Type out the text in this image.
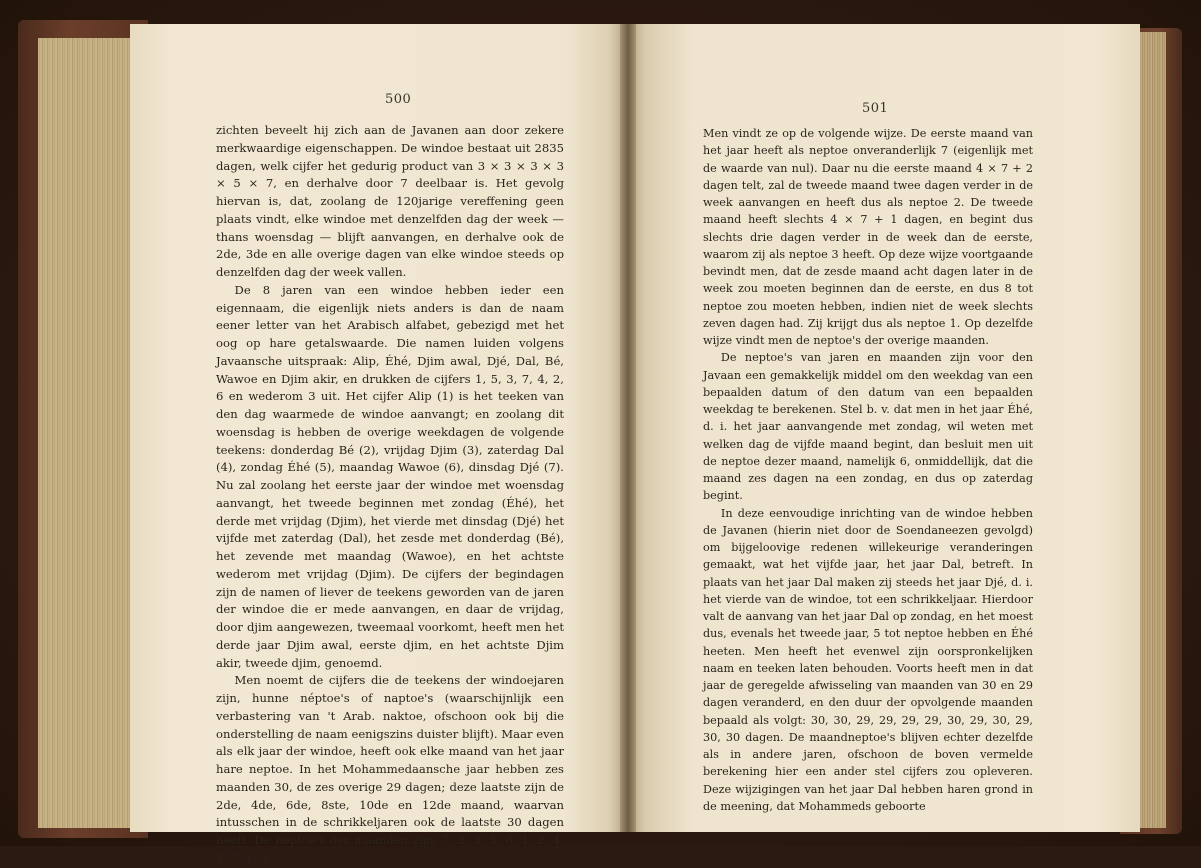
500
501

zichten beveelt hij zich aan de Javanen aan door zekere merkwaardige eigenschappen. De windoe bestaat uit 2835 dagen, welk cijfer het gedurig product van 3 × 3 × 3 × 3 × 5 × 7, en derhalve door 7 deelbaar is. Het gevolg hiervan is, dat, zoolang de 120jarige vereffening geen plaats vindt, elke windoe met denzelfden dag der week — thans woensdag — blijft aanvangen, en derhalve ook de 2de, 3de en alle overige dagen van elke windoe steeds op denzelfden dag der week vallen.

De 8 jaren van een windoe hebben ieder een eigennaam, die eigenlijk niets anders is dan de naam eener letter van het Arabisch alfabet, gebezigd met het oog op hare getalswaarde. Die namen luiden volgens Javaansche uitspraak: Alip, Éhé, Djim awal, Djé, Dal, Bé, Wawoe en Djim akir, en drukken de cijfers 1, 5, 3, 7, 4, 2, 6 en wederom 3 uit. Het cijfer Alip (1) is het teeken van den dag waarmede de windoe aanvangt; en zoolang dit woensdag is hebben de overige weekdagen de volgende teekens: donderdag Bé (2), vrijdag Djim (3), zaterdag Dal (4), zondag Éhé (5), maandag Wawoe (6), dinsdag Djé (7). Nu zal zoolang het eerste jaar der windoe met woensdag aanvangt, het tweede beginnen met zondag (Éhé), het derde met vrijdag (Djim), het vierde met dinsdag (Djé) het vijfde met zaterdag (Dal), het zesde met donderdag (Bé), het zevende met maandag (Wawoe), en het achtste wederom met vrijdag (Djim). De cijfers der begindagen zijn de namen of liever de teekens geworden van de jaren der windoe die er mede aanvangen, en daar de vrijdag, door djim aangewezen, tweemaal voorkomt, heeft men het derde jaar Djim awal, eerste djim, en het achtste Djim akir, tweede djim, genoemd.

Men noemt de cijfers die de teekens der windoejaren zijn, hunne néptoe's of naptoe's (waarschijnlijk een verbastering van 't Arab. naktoe, ofschoon ook bij die onderstelling de naam eenigszins duister blijft). Maar even als elk jaar der windoe, heeft ook elke maand van het jaar hare neptoe. In het Mohammedaansche jaar hebben zes maanden 30, de zes overige 29 dagen; deze laatste zijn de 2de, 4de, 6de, 8ste, 10de en 12de maand, waarvan intusschen in de schrikkeljaren ook de laatste 30 dagen heeft. De neptoe's der maanden zijn: 7, 2, 3, 5, 6, 1, 2, 4, 5, 7, 1, 3.

Men vindt ze op de volgende wijze. De eerste maand van het jaar heeft als neptoe onveranderlijk 7 (eigenlijk met de waarde van nul). Daar nu die eerste maand 4 × 7 + 2 dagen telt, zal de tweede maand twee dagen verder in de week aanvangen en heeft dus als neptoe 2. De tweede maand heeft slechts 4 × 7 + 1 dagen, en begint dus slechts drie dagen verder in de week dan de eerste, waarom zij als neptoe 3 heeft. Op deze wijze voortgaande bevindt men, dat de zesde maand acht dagen later in de week zou moeten beginnen dan de eerste, en dus 8 tot neptoe zou moeten hebben, indien niet de week slechts zeven dagen had. Zij krijgt dus als neptoe 1. Op dezelfde wijze vindt men de neptoe's der overige maanden.

De neptoe's van jaren en maanden zijn voor den Javaan een gemakkelijk middel om den weekdag van een bepaalden datum of den datum van een bepaalden weekdag te berekenen. Stel b. v. dat men in het jaar Éhé, d. i. het jaar aanvangende met zondag, wil weten met welken dag de vijfde maand begint, dan besluit men uit de neptoe dezer maand, namelijk 6, onmiddellijk, dat die maand zes dagen na een zondag, en dus op zaterdag begint.

In deze eenvoudige inrichting van de windoe hebben de Javanen (hierin niet door de Soendaneezen gevolgd) om bijgeloovige redenen willekeurige veranderingen gemaakt, wat het vijfde jaar, het jaar Dal, betreft. In plaats van het jaar Dal maken zij steeds het jaar Djé, d. i. het vierde van de windoe, tot een schrikkeljaar. Hierdoor valt de aanvang van het jaar Dal op zondag, en het moest dus, evenals het tweede jaar, 5 tot neptoe hebben en Éhé heeten. Men heeft het evenwel zijn oorspronkelijken naam en teeken laten behouden. Voorts heeft men in dat jaar de geregelde afwisseling van maanden van 30 en 29 dagen veranderd, en den duur der opvolgende maanden bepaald als volgt: 30, 30, 29, 29, 29, 29, 30, 29, 30, 29, 30, 30 dagen. De maandneptoe's blijven echter dezelfde als in andere jaren, ofschoon de boven vermelde berekening hier een ander stel cijfers zou opleveren. Deze wijzigingen van het jaar Dal hebben haren grond in de meening, dat Mohammeds geboorte
